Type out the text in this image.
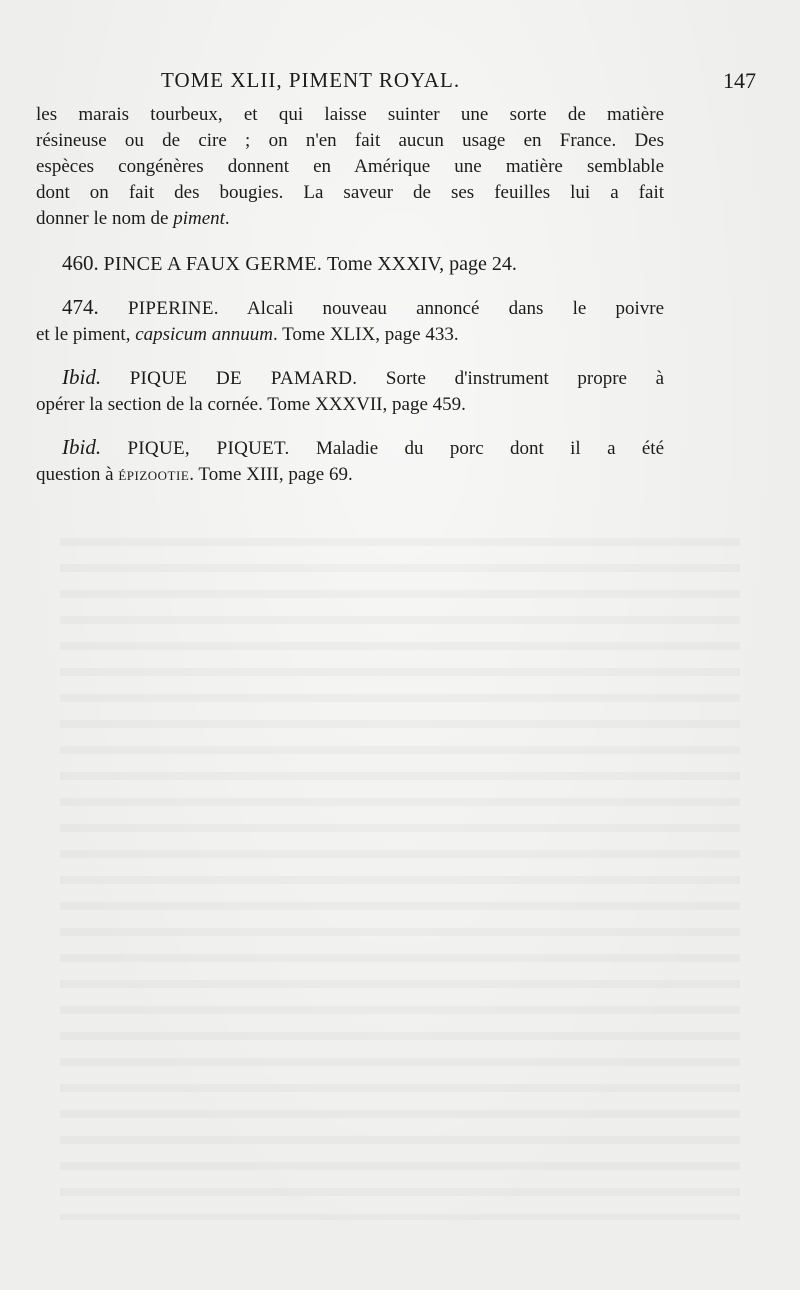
TOME XLII, PIMENT ROYAL.	147
les marais tourbeux, et qui laisse suinter une sorte de matière
résineuse ou de cire ; on n'en fait aucun usage en France. Des
espèces congénères donnent en Amérique une matière semblable
dont on fait des bougies. La saveur de ses feuilles lui a fait
donner le nom de piment.
460. PINCE A FAUX GERME. Tome XXXIV, page 24.
474. PIPERINE. Alcali nouveau annoncé dans le poivre
et le piment, capsicum annuum. Tome XLIX, page 433.
Ibid. PIQUE DE PAMARD. Sorte d'instrument propre à
opérer la section de la cornée. Tome XXXVII, page 459.
Ibid. PIQUE, PIQUET. Maladie du porc dont il a été
question à ÉPIZOOTIE. Tome XIII, page 69.
